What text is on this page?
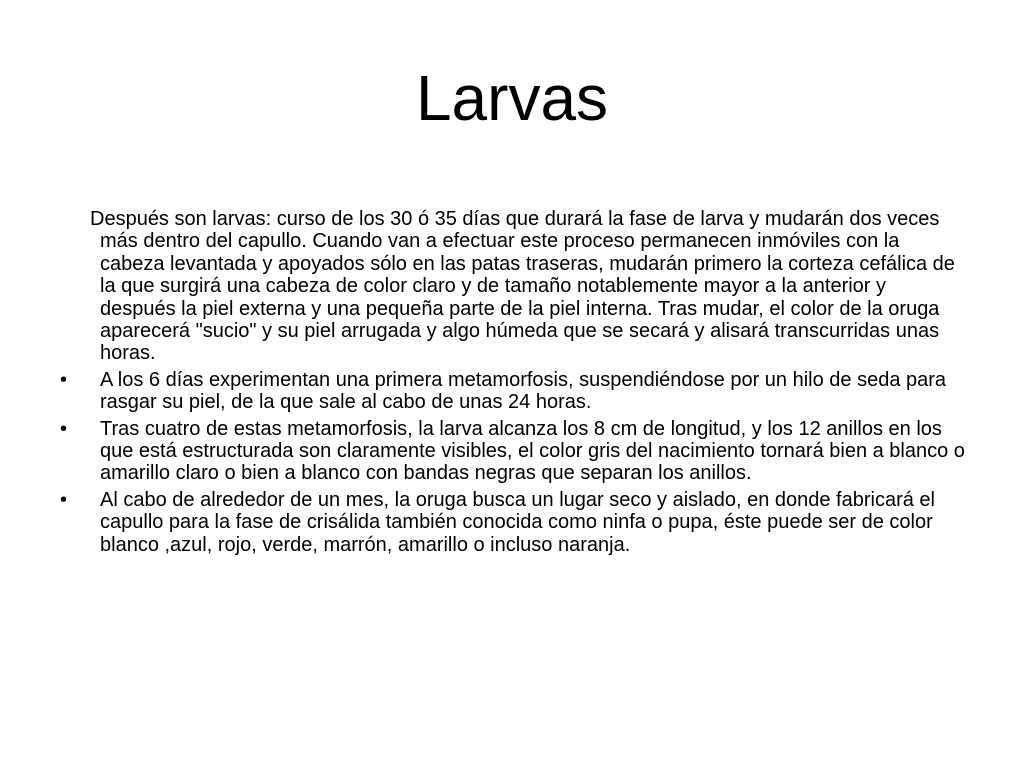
Larvas

Después son larvas: curso de los 30 ó 35 días que durará la fase de larva y mudarán dos veces más dentro del capullo. Cuando van a efectuar este proceso permanecen inmóviles con la cabeza levantada y apoyados sólo en las patas traseras, mudarán primero la corteza cefálica de la que surgirá una cabeza de color claro y de tamaño notablemente mayor a la anterior y después la piel externa y una pequeña parte de la piel interna. Tras mudar, el color de la oruga aparecerá "sucio" y su piel arrugada y algo húmeda que se secará y alisará transcurridas unas horas.

• A los 6 días experimentan una primera metamorfosis, suspendiéndose por un hilo de seda para rasgar su piel, de la que sale al cabo de unas 24 horas.

• Tras cuatro de estas metamorfosis, la larva alcanza los 8 cm de longitud, y los 12 anillos en los que está estructurada son claramente visibles, el color gris del nacimiento tornará bien a blanco o amarillo claro o bien a blanco con bandas negras que separan los anillos.

• Al cabo de alrededor de un mes, la oruga busca un lugar seco y aislado, en donde fabricará el capullo para la fase de crisálida también conocida como ninfa o pupa, éste puede ser de color blanco ,azul, rojo, verde, marrón, amarillo o incluso naranja.
